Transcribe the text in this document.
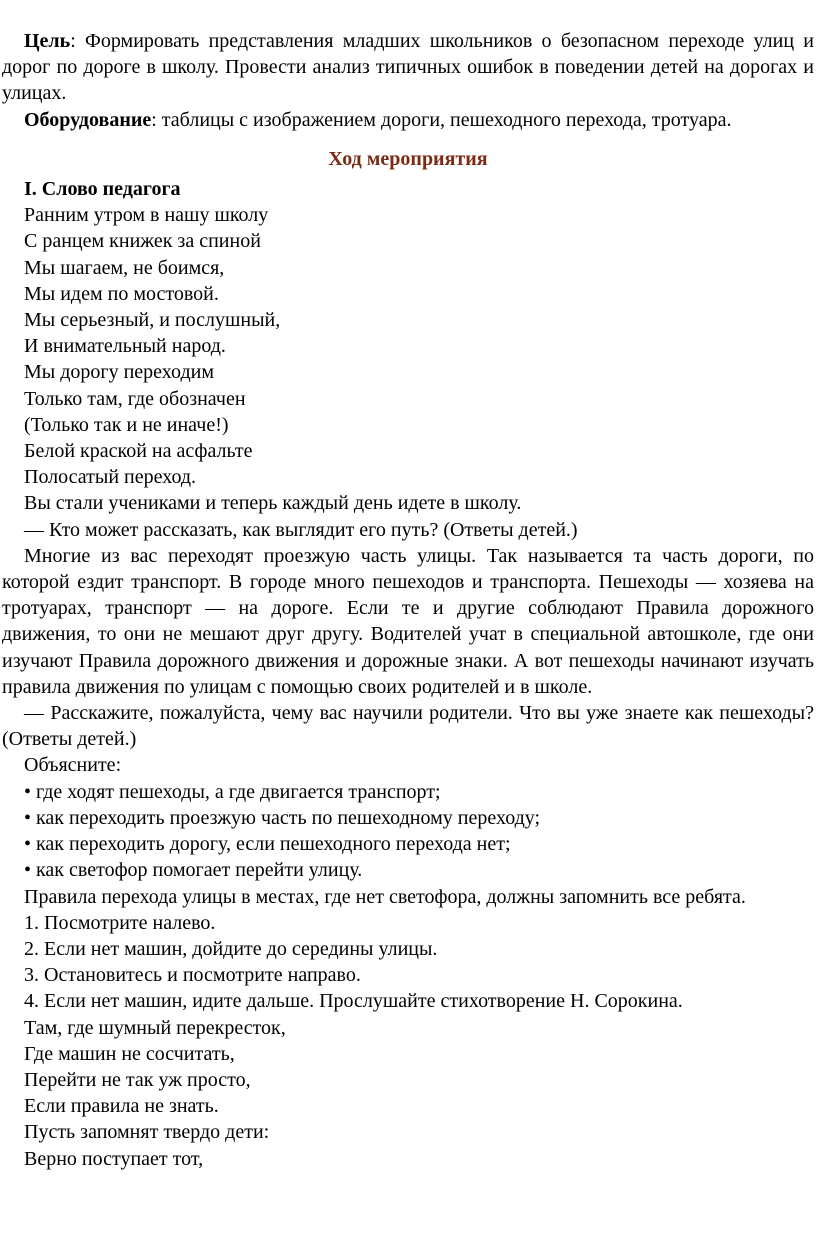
Цель: Формировать представления младших школьников о безопасном переходе улиц и дорог по дороге в школу. Провести анализ типичных ошибок в поведении детей на дорогах и улицах.

Оборудование: таблицы с изображением дороги, пешеходного перехода, тротуара.

Ход мероприятия

I. Слово педагога

Ранним утром в нашу школу

С ранцем книжек за спиной

Мы шагаем, не боимся,

Мы идем по мостовой.

Мы серьезный, и послушный,

И внимательный народ.

Мы дорогу переходим

Только там, где обозначен

(Только так и не иначе!)

Белой краской на асфальте

Полосатый переход.

Вы стали учениками и теперь каждый день идете в школу.

— Кто может рассказать, как выглядит его путь? (Ответы детей.)

Многие из вас переходят проезжую часть улицы. Так называется та часть дороги, по которой ездит транспорт. В городе много пешеходов и транспорта. Пешеходы — хозяева на тротуарах, транспорт — на дороге. Если те и другие соблюдают Правила дорожного движения, то они не мешают друг другу. Водителей учат в специальной автошколе, где они изучают Правила дорожного движения и дорожные знаки. А вот пешеходы начинают изучать правила движения по улицам с помощью своих родителей и в школе.

— Расскажите, пожалуйста, чему вас научили родители. Что вы уже знаете как пешеходы? (Ответы детей.)

Объясните:

• где ходят пешеходы, а где двигается транспорт;

• как переходить проезжую часть по пешеходному переходу;

• как переходить дорогу, если пешеходного перехода нет;

• как светофор помогает перейти улицу.

Правила перехода улицы в местах, где нет светофора, должны запомнить все ребята.

1. Посмотрите налево.

2. Если нет машин, дойдите до середины улицы.

3. Остановитесь и посмотрите направо.

4. Если нет машин, идите дальше. Прослушайте стихотворение Н. Сорокина.

Там, где шумный перекресток,

Где машин не сосчитать,

Перейти не так уж просто,

Если правила не знать.

Пусть запомнят твердо дети:

Верно поступает тот,
